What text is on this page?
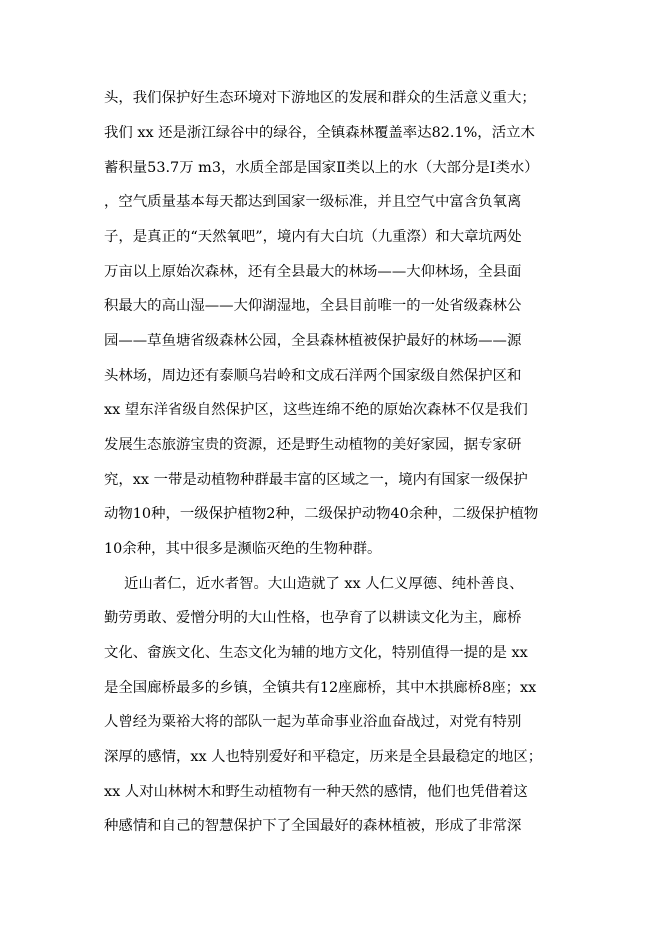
头，我们保护好生态环境对下游地区的发展和群众的生活意义重大；
我们 xx 还是浙江绿谷中的绿谷，全镇森林覆盖率达82.1%，活立木
蓄积量53.7万 m3，水质全部是国家Ⅱ类以上的水（大部分是Ⅰ类水）
，空气质量基本每天都达到国家一级标准，并且空气中富含负氧离
子，是真正的“天然氧吧”，境内有大白坑（九重漈）和大章坑两处
万亩以上原始次森林，还有全县最大的林场——大仰林场，全县面
积最大的高山湿——大仰湖湿地，全县目前唯一的一处省级森林公
园——草鱼塘省级森林公园，全县森林植被保护最好的林场——源
头林场，周边还有泰顺乌岩岭和文成石洋两个国家级自然保护区和
xx 望东洋省级自然保护区，这些连绵不绝的原始次森林不仅是我们
发展生态旅游宝贵的资源，还是野生动植物的美好家园，据专家研
究，xx 一带是动植物种群最丰富的区域之一，境内有国家一级保护
动物10种，一级保护植物2种，二级保护动物40余种，二级保护植物
10余种，其中很多是濒临灭绝的生物种群。
近山者仁，近水者智。大山造就了 xx 人仁义厚德、纯朴善良、
勤劳勇敢、爱憎分明的大山性格，也孕育了以耕读文化为主，廊桥
文化、畲族文化、生态文化为辅的地方文化，特别值得一提的是 xx
是全国廊桥最多的乡镇，全镇共有12座廊桥，其中木拱廊桥8座；xx
人曾经为粟裕大将的部队一起为革命事业浴血奋战过，对党有特别
深厚的感情，xx 人也特别爱好和平稳定，历来是全县最稳定的地区；
xx 人对山林树木和野生动植物有一种天然的感情，他们也凭借着这
种感情和自己的智慧保护下了全国最好的森林植被，形成了非常深
